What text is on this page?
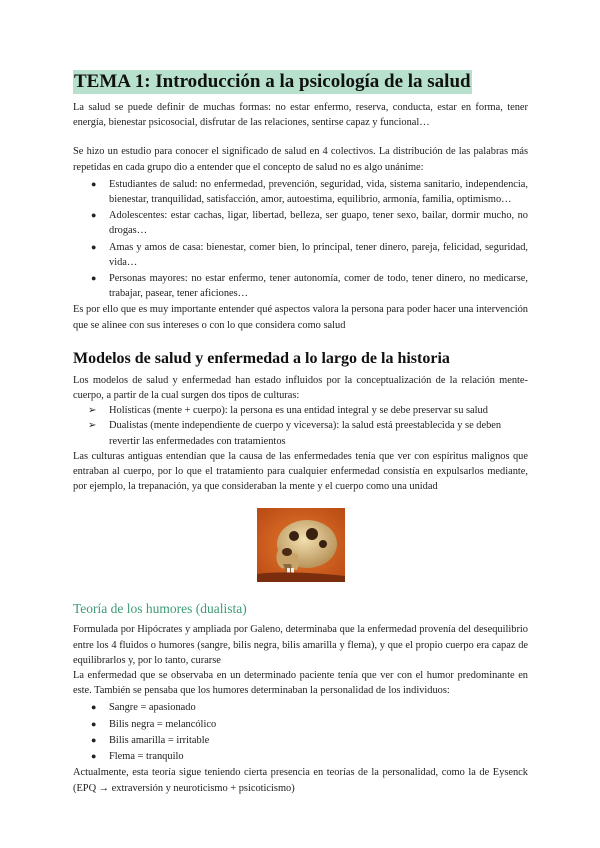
TEMA 1: Introducción a la psicología de la salud

La salud se puede definir de muchas formas: no estar enfermo, reserva, conducta, estar en forma, tener energía, bienestar psicosocial, disfrutar de las relaciones, sentirse capaz y funcional…

Se hizo un estudio para conocer el significado de salud en 4 colectivos. La distribución de las palabras más repetidas en cada grupo dio a entender que el concepto de salud no es algo unánime:

● Estudiantes de salud: no enfermedad, prevención, seguridad, vida, sistema sanitario, independencia, bienestar, tranquilidad, satisfacción, amor, autoestima, equilibrio, armonía, familia, optimismo…
● Adolescentes: estar cachas, ligar, libertad, belleza, ser guapo, tener sexo, bailar, dormir mucho, no drogas…
● Amas y amos de casa: bienestar, comer bien, lo principal, tener dinero, pareja, felicidad, seguridad, vida…
● Personas mayores: no estar enfermo, tener autonomía, comer de todo, tener dinero, no medicarse, trabajar, pasear, tener aficiones…

Es por ello que es muy importante entender qué aspectos valora la persona para poder hacer una intervención que se alinee con sus intereses o con lo que considera como salud

Modelos de salud y enfermedad a lo largo de la historia

Los modelos de salud y enfermedad han estado influidos por la conceptualización de la relación mente-cuerpo, a partir de la cual surgen dos tipos de culturas:

➢ Holísticas (mente + cuerpo): la persona es una entidad integral y se debe preservar su salud
➢ Dualistas (mente independiente de cuerpo y viceversa): la salud está preestablecida y se deben revertir las enfermedades con tratamientos

Las culturas antiguas entendían que la causa de las enfermedades tenía que ver con espíritus malignos que entraban al cuerpo, por lo que el tratamiento para cualquier enfermedad consistía en expulsarlos mediante, por ejemplo, la trepanación, ya que consideraban la mente y el cuerpo como una unidad

Teoría de los humores (dualista)

Formulada por Hipócrates y ampliada por Galeno, determinaba que la enfermedad provenía del desequilibrio entre los 4 fluidos o humores (sangre, bilis negra, bilis amarilla y flema), y que el propio cuerpo era capaz de equilibrarlos y, por lo tanto, curarse

La enfermedad que se observaba en un determinado paciente tenía que ver con el humor predominante en este. También se pensaba que los humores determinaban la personalidad de los individuos:

● Sangre = apasionado
● Bilis negra = melancólico
● Bilis amarilla = irritable
● Flema = tranquilo

Actualmente, esta teoría sigue teniendo cierta presencia en teorías de la personalidad, como la de Eysenck (EPQ → extraversión y neuroticismo + psicoticismo)
